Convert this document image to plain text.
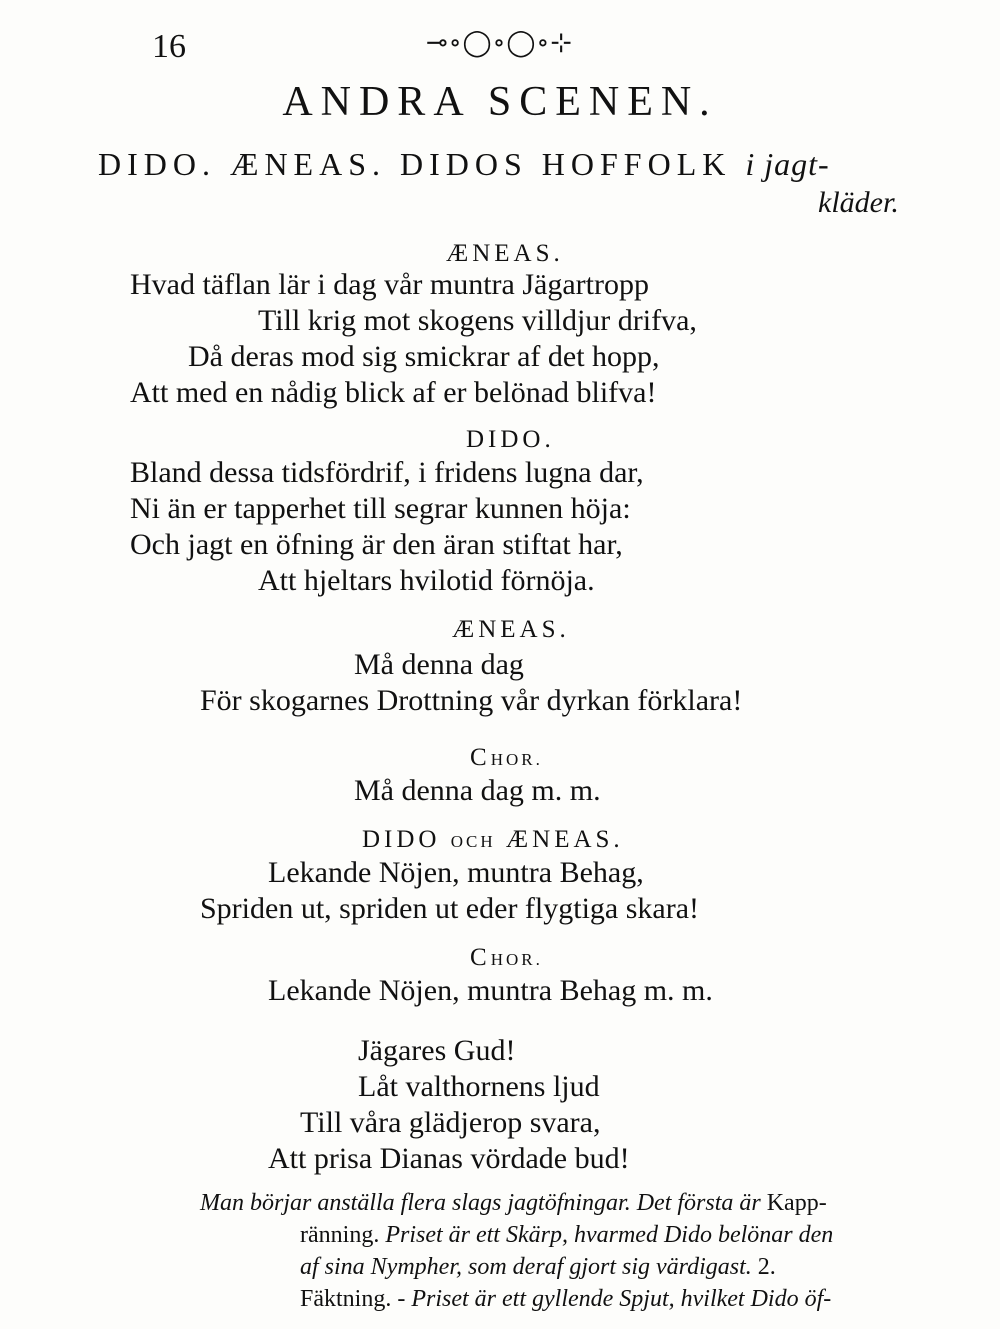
16	⊸∘◯∘◯∘⊹
ANDRA SCENEN.
DIDO. ÆNEAS. DIDOS HOFFOLK i jagt-
kläder.
ÆNEAS.
Hvad täflan lär i dag vår muntra Jägartropp
Till krig mot skogens villdjur drifva,
Då deras mod sig smickrar af det hopp,
Att med en nådig blick af er belönad blifva!
DIDO.
Bland dessa tidsfördrif, i fridens lugna dar,
Ni än er tapperhet till segrar kunnen höja:
Och jagt en öfning är den äran stiftat har,
Att hjeltars hvilotid förnöja.
ÆNEAS.
Må denna dag
För skogarnes Drottning vår dyrkan förklara!
CHOR.
Må denna dag m. m.
DIDO OCH ÆNEAS.
Lekande Nöjen, muntra Behag,
Spriden ut, spriden ut eder flygtiga skara!
CHOR.
Lekande Nöjen, muntra Behag m. m.
Jägares Gud!
Låt valthornens ljud
Till våra glädjerop svara,
Att prisa Dianas vördade bud!
Man börjar anställa flera slags jagtöfningar. Det första är Kapp-
ränning. Priset är ett Skärp, hvarmed Dido belönar den
af sina Nympher, som deraf gjort sig värdigast. 2.
Fäktning. - Priset är ett gyllende Spjut, hvilket Dido öf-
